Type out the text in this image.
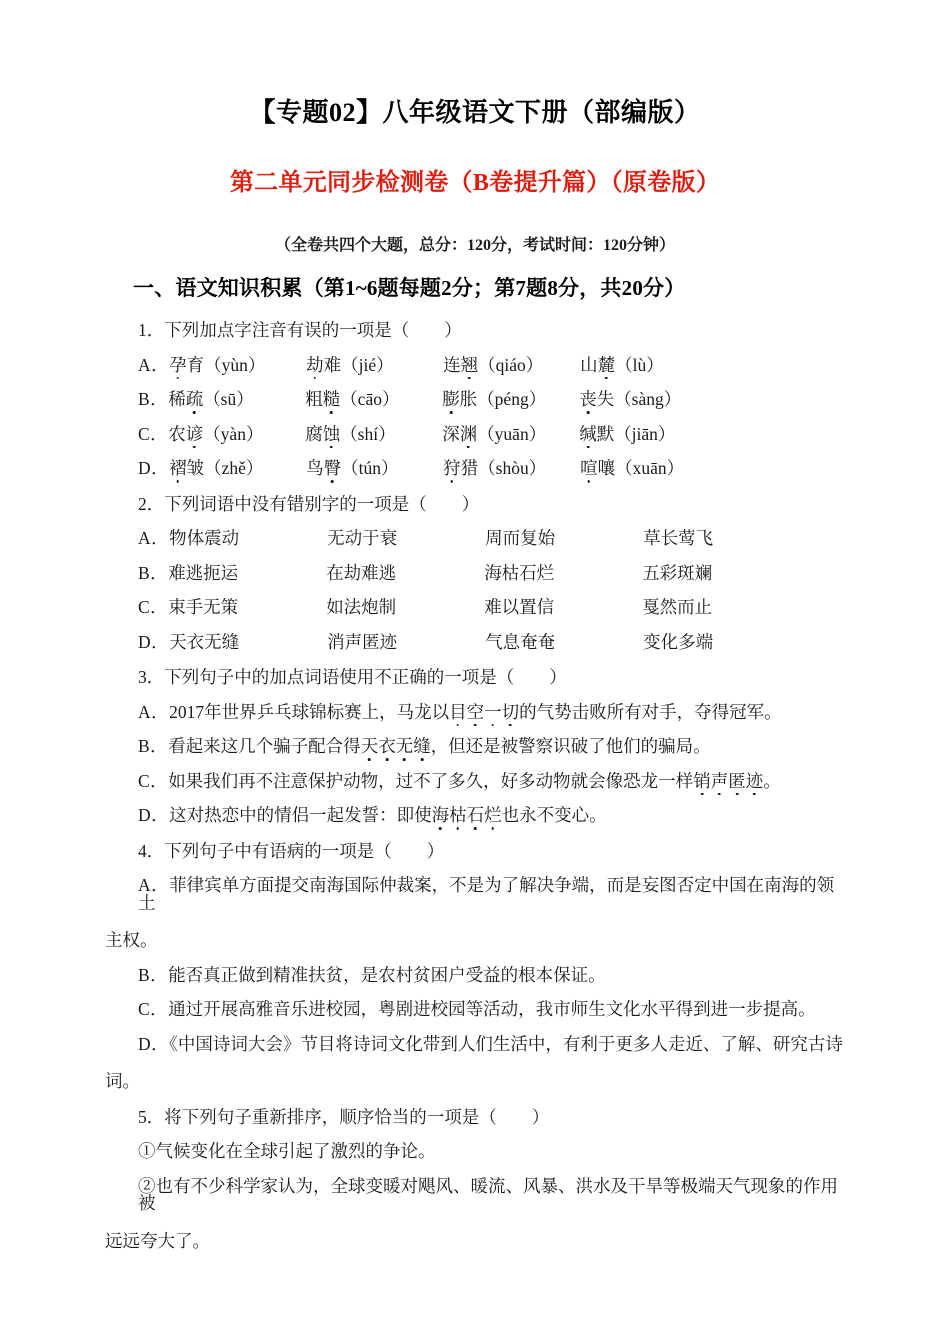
【专题02】八年级语文下册（部编版）
第二单元同步检测卷（B卷提升篇）（原卷版）
（全卷共四个大题，总分：120分，考试时间：120分钟）
一、语文知识积累（第1~6题每题2分；第7题8分，共20分）
1．下列加点字注音有误的一项是（　　）
A．孕育（yùn） 劫难（jié）	连翘（qiáo） 山麓（lù）
B．稀疏（sū）	粗糙（cāo） 膨胀（péng） 丧失（sàng）
C．农谚（yàn） 腐蚀（shí）	深渊（yuān） 缄默（jiān）
D．褶皱（zhě） 鸟臀（tún）	狩猎（shòu） 喧嚷（xuān）
2．下列词语中没有错别字的一项是（　　）
A．物体震动	无动于衰	周而复始	草长莺飞
B．难逃扼运	在劫难逃	海枯石烂	五彩斑斓
C．束手无策	如法炮制	难以置信	戛然而止
D．天衣无缝	消声匿迹	气息奄奄	变化多端
3．下列句子中的加点词语使用不正确的一项是（　　）
A．2017年世界乒乓球锦标赛上，马龙以目空一切的气势击败所有对手，夺得冠军。
B．看起来这几个骗子配合得天衣无缝，但还是被警察识破了他们的骗局。
C．如果我们再不注意保护动物，过不了多久，好多动物就会像恐龙一样销声匿迹。
D．这对热恋中的情侣一起发誓：即使海枯石烂也永不变心。
4．下列句子中有语病的一项是（　　）
A．菲律宾单方面提交南海国际仲裁案，不是为了解决争端，而是妄图否定中国在南海的领土
主权。
B．能否真正做到精准扶贫，是农村贫困户受益的根本保证。
C．通过开展高雅音乐进校园，粤剧进校园等活动，我市师生文化水平得到进一步提高。
D．《中国诗词大会》节目将诗词文化带到人们生活中，有利于更多人走近、了解、研究古诗
词。
5．将下列句子重新排序，顺序恰当的一项是（　　）
①气候变化在全球引起了激烈的争论。
②也有不少科学家认为，全球变暖对飓风、暖流、风暴、洪水及干旱等极端天气现象的作用被
远远夸大了。
